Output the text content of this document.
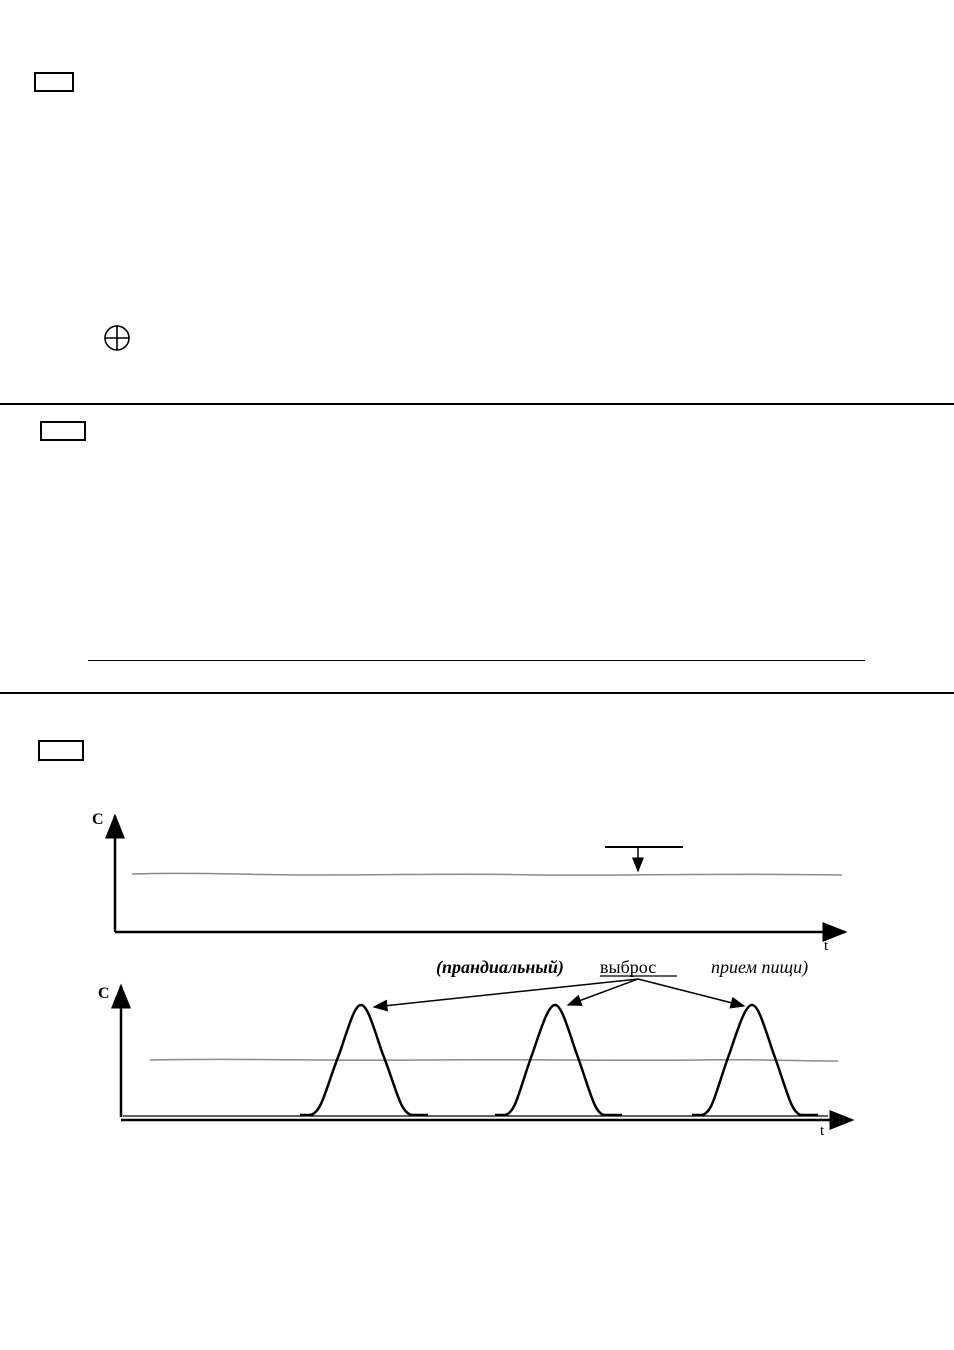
C
t
(прандиальный) выброс	прием пищи)
C
t
